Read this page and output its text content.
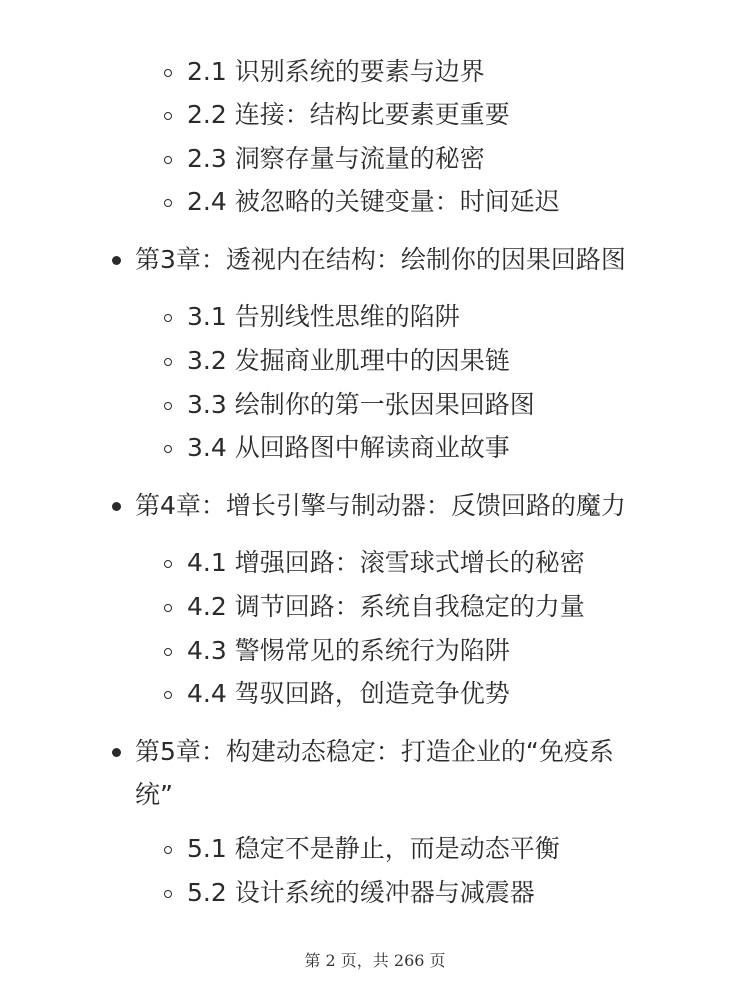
2.1 识别系统的要素与边界
2.2 连接：结构比要素更重要
2.3 洞察存量与流量的秘密
2.4 被忽略的关键变量：时间延迟
第3章：透视内在结构：绘制你的因果回路图
3.1 告别线性思维的陷阱
3.2 发掘商业肌理中的因果链
3.3 绘制你的第一张因果回路图
3.4 从回路图中解读商业故事
第4章：增长引擎与制动器：反馈回路的魔力
4.1 增强回路：滚雪球式增长的秘密
4.2 调节回路：系统自我稳定的力量
4.3 警惕常见的系统行为陷阱
4.4 驾驭回路，创造竞争优势
第5章：构建动态稳定：打造企业的“免疫系
统”
5.1 稳定不是静止，而是动态平衡
5.2 设计系统的缓冲器与减震器
第 2 页，共 266 页
